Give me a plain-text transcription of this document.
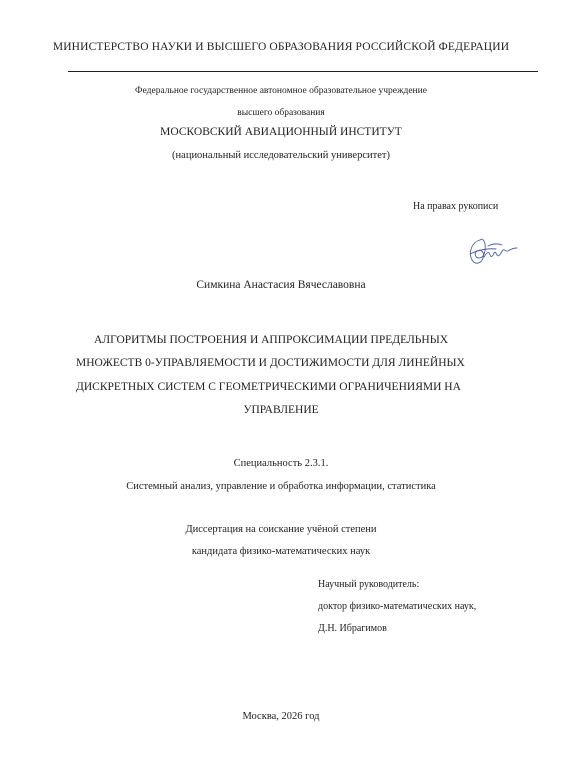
МИНИСТЕРСТВО НАУКИ И ВЫСШЕГО ОБРАЗОВАНИЯ РОССИЙСКОЙ ФЕДЕРАЦИИ
Федеральное государственное автономное образовательное учреждение
высшего образования
МОСКОВСКИЙ АВИАЦИОННЫЙ ИНСТИТУТ
(национальный исследовательский университет)
На правах рукописи
Симкина Анастасия Вячеславовна
АЛГОРИТМЫ ПОСТРОЕНИЯ И АППРОКСИМАЦИИ ПРЕДЕЛЬНЫХ
МНОЖЕСТВ 0-УПРАВЛЯЕМОСТИ И ДОСТИЖИМОСТИ ДЛЯ ЛИНЕЙНЫХ
ДИСКРЕТНЫХ СИСТЕМ С ГЕОМЕТРИЧЕСКИМИ ОГРАНИЧЕНИЯМИ НА
УПРАВЛЕНИЕ
Специальность 2.3.1.
Системный анализ, управление и обработка информации, статистика
Диссертация на соискание учёной степени
кандидата физико-математических наук
Научный руководитель:
доктор физико-математических наук,
Д.Н. Ибрагимов
Москва, 2026 год
